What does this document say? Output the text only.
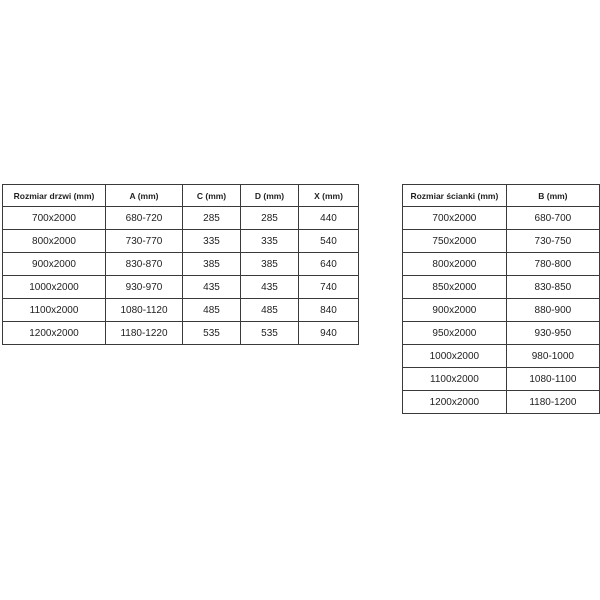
Rozmiar drzwi (mm)	A (mm)	C (mm)	D (mm)	X (mm)
700x2000	680-720	285	285	440
800x2000	730-770	335	335	540
900x2000	830-870	385	385	640
1000x2000	930-970	435	435	740
1100x2000	1080-1120	485	485	840
1200x2000	1180-1220	535	535	940
Rozmiar ścianki (mm)	B (mm)
700x2000	680-700
750x2000	730-750
800x2000	780-800
850x2000	830-850
900x2000	880-900
950x2000	930-950
1000x2000	980-1000
1100x2000	1080-1100
1200x2000	1180-1200
